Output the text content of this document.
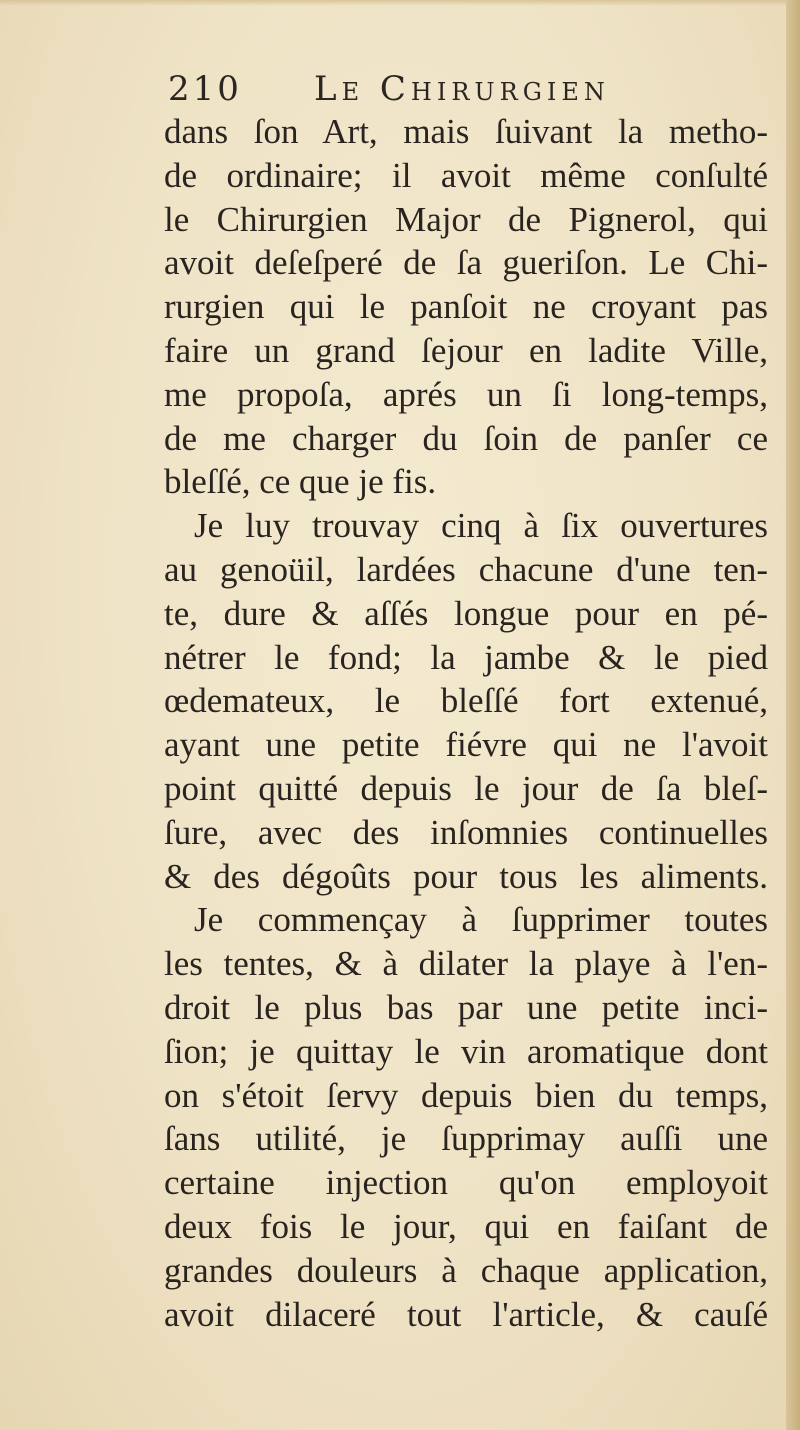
210 Le Chirurgien
dans ſon Art, mais ſuivant la metho-
de ordinaire; il avoit même conſulté
le Chirurgien Major de Pignerol, qui
avoit deſeſperé de ſa gueriſon. Le Chi-
rurgien qui le panſoit ne croyant pas
faire un grand ſejour en ladite Ville,
me propoſa, aprés un ſi long-temps,
de me charger du ſoin de panſer ce
bleſſé, ce que je fis.
Je luy trouvay cinq à ſix ouvertures
au genoüil, lardées chacune d'une ten-
te, dure & aſſés longue pour en pé-
nétrer le fond; la jambe & le pied
œdemateux, le bleſſé fort extenué,
ayant une petite fiévre qui ne l'avoit
point quitté depuis le jour de ſa bleſ-
ſure, avec des inſomnies continuelles
& des dégoûts pour tous les aliments.
Je commençay à ſupprimer toutes
les tentes, & à dilater la playe à l'en-
droit le plus bas par une petite inci-
ſion; je quittay le vin aromatique dont
on s'étoit ſervy depuis bien du temps,
ſans utilité, je ſupprimay auſſi une
certaine injection qu'on employoit
deux fois le jour, qui en faiſant de
grandes douleurs à chaque application,
avoit dilaceré tout l'article, & cauſé
